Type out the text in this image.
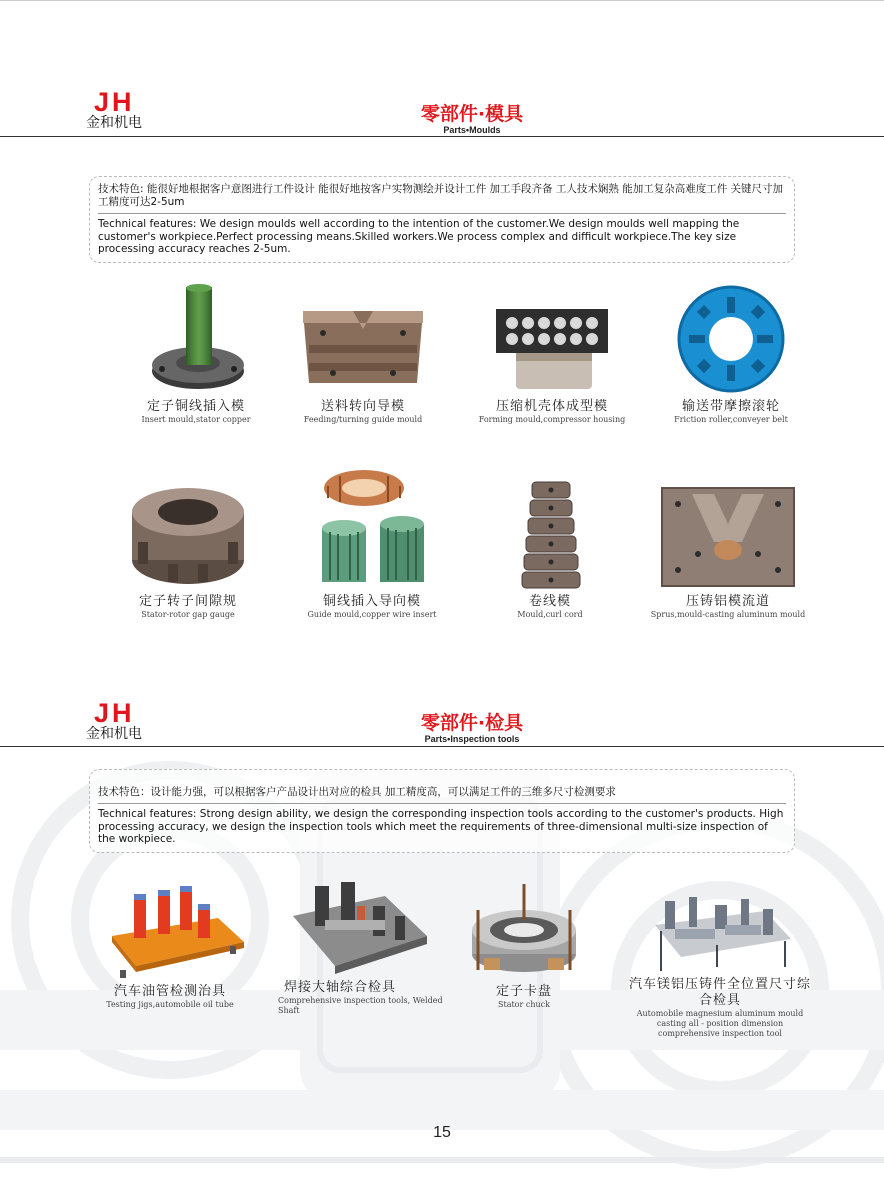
JH
金和机电	零部件·模具
Parts•Moulds
技术特色: 能很好地根据客户意图进行工件设计 能很好地按客户实物测绘并设计工件 加工手段齐备 工人技术娴熟 能加工复杂高难度工件 关键尺寸加工精度可达2-5um
Technical features: We design moulds well according to the intention of the customer.We design moulds well mapping the customer's workpiece.Perfect processing means.Skilled workers.We process complex and difficult workpiece.The key size processing accuracy reaches 2-5um.
定子铜线插入模
Insert mould,stator copper
送料转向导模
Feeding/turning guide mould
压缩机壳体成型模
Forming mould,compressor housing
输送带摩擦滚轮
Friction roller,conveyer belt
定子转子间隙规
Stator-rotor gap gauge
铜线插入导向模
Guide mould,copper wire insert
卷线模
Mould,curl cord
压铸铝模流道
Sprus,mould-casting aluminum mould
JH
金和机电	零部件·检具
Parts•Inspection tools
技术特色：设计能力强，可以根据客户产品设计出对应的检具 加工精度高，可以满足工件的三维多尺寸检测要求
Technical features: Strong design ability, we design the corresponding inspection tools according to the customer's products. High processing accuracy, we design the inspection tools which meet the requirements of three-dimensional multi-size inspection of the workpiece.
汽车油管检测治具
Testing jigs,automobile oil tube
焊接大轴综合检具
Comprehensive inspection tools, Welded Shaft
定子卡盘
Stator chuck
汽车镁铝压铸件全位置尺寸综合检具
Automobile magnesium aluminum mould casting all - position dimension comprehensive inspection tool
15
